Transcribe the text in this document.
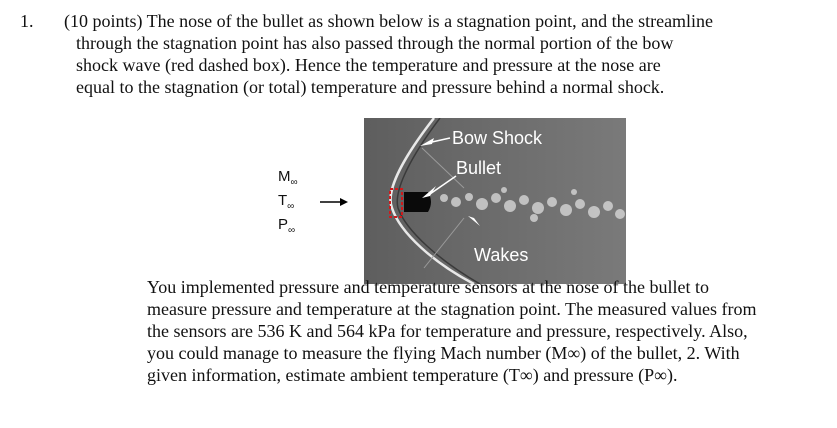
1. (10 points) The nose of the bullet as shown below is a stagnation point, and the streamline
through the stagnation point has also passed through the normal portion of the bow
shock wave (red dashed box). Hence the temperature and pressure at the nose are
equal to the stagnation (or total) temperature and pressure behind a normal shock.
$M_\infty$
$T_\infty$
$P_\infty$
Bow Shock
Bullet
Wakes
You implemented pressure and temperature sensors at the nose of the bullet to
measure pressure and temperature at the stagnation point. The measured values from
the sensors are 536 K and 564 kPa for temperature and pressure, respectively. Also,
you could manage to measure the flying Mach number (M∞) of the bullet, 2. With
given information, estimate ambient temperature (T∞) and pressure (P∞).
